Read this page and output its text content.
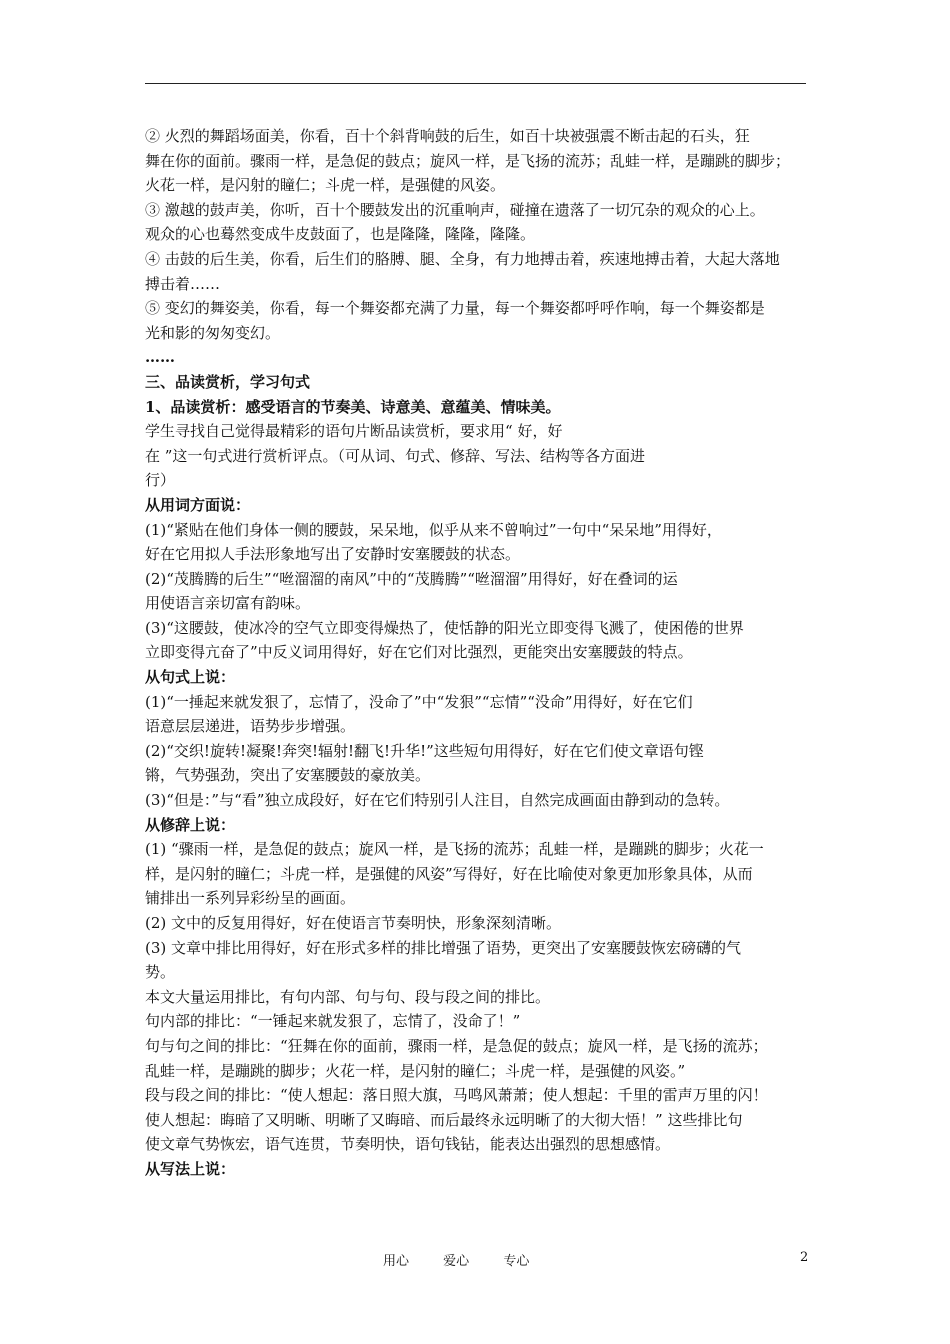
② 火烈的舞蹈场面美，你看，百十个斜背响鼓的后生，如百十块被强震不断击起的石头，狂
舞在你的面前。骤雨一样，是急促的鼓点；旋风一样，是飞扬的流苏；乱蛙一样，是蹦跳的脚步；
火花一样，是闪射的瞳仁；斗虎一样，是强健的风姿。
③ 激越的鼓声美，你听，百十个腰鼓发出的沉重响声，碰撞在遗落了一切冗杂的观众的心上。
观众的心也蓦然变成牛皮鼓面了，也是隆隆，隆隆，隆隆。
④ 击鼓的后生美，你看，后生们的胳膊、腿、全身，有力地搏击着，疾速地搏击着，大起大落地
搏击着……
⑤ 变幻的舞姿美，你看，每一个舞姿都充满了力量，每一个舞姿都呼呼作响，每一个舞姿都是
光和影的匆匆变幻。
……
三、品读赏析，学习句式
1、品读赏析：感受语言的节奏美、诗意美、意蕴美、情味美。
学生寻找自己觉得最精彩的语句片断品读赏析，要求用“ 好，好
在 ”这一句式进行赏析评点。（可从词、句式、修辞、写法、结构等各方面进
行）
从用词方面说：
(1)“紧贴在他们身体一侧的腰鼓，呆呆地，似乎从来不曾响过”一句中“呆呆地”用得好，
好在它用拟人手法形象地写出了安静时安塞腰鼓的状态。
(2)“茂腾腾的后生”“咝溜溜的南风”中的“茂腾腾”“咝溜溜”用得好，好在叠词的运
用使语言亲切富有韵味。
(3)“这腰鼓，使冰冷的空气立即变得燥热了，使恬静的阳光立即变得飞溅了，使困倦的世界
立即变得亢奋了”中反义词用得好，好在它们对比强烈，更能突出安塞腰鼓的特点。
从句式上说：
(1)“一捶起来就发狠了，忘情了，没命了”中“发狠”“忘情”“没命”用得好，好在它们
语意层层递进，语势步步增强。
(2)“交织!旋转!凝聚!奔突!辐射!翻飞!升华!”这些短句用得好，好在它们使文章语句铿
锵，气势强劲，突出了安塞腰鼓的豪放美。
(3)“但是：”与“看”独立成段好，好在它们特别引人注目，自然完成画面由静到动的急转。
从修辞上说：
(1) “骤雨一样，是急促的鼓点；旋风一样，是飞扬的流苏；乱蛙一样，是蹦跳的脚步；火花一
样，是闪射的瞳仁；斗虎一样，是强健的风姿”写得好，好在比喻使对象更加形象具体，从而
铺排出一系列异彩纷呈的画面。
(2) 文中的反复用得好，好在使语言节奏明快，形象深刻清晰。
(3) 文章中排比用得好，好在形式多样的排比增强了语势，更突出了安塞腰鼓恢宏磅礴的气
势。
本文大量运用排比，有句内部、句与句、段与段之间的排比。
句内部的排比：“一锤起来就发狠了，忘情了，没命了！”
句与句之间的排比：“狂舞在你的面前，骤雨一样，是急促的鼓点；旋风一样，是飞扬的流苏；
乱蛙一样，是蹦跳的脚步；火花一样，是闪射的瞳仁；斗虎一样，是强健的风姿。”
段与段之间的排比：“使人想起：落日照大旗，马鸣风萧萧；使人想起：千里的雷声万里的闪！
使人想起：晦暗了又明晰、明晰了又晦暗、而后最终永远明晰了的大彻大悟！” 这些排比句
使文章气势恢宏，语气连贯，节奏明快，语句钱钻，能表达出强烈的思想感情。
从写法上说：
用心	爱心	专心	2
